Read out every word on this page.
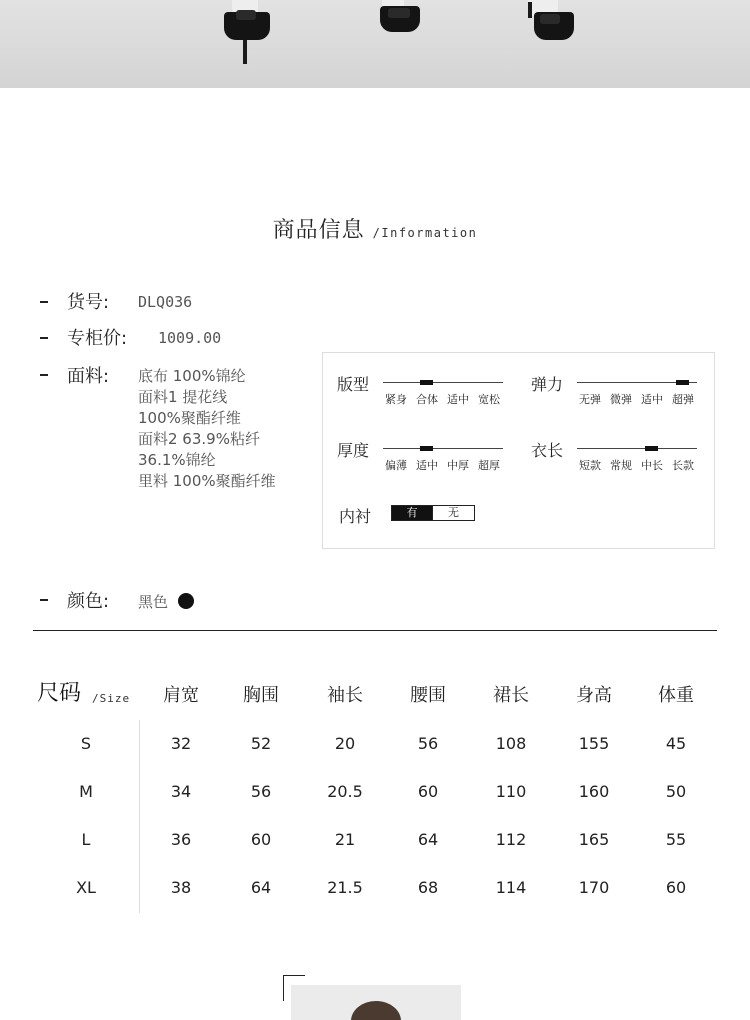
商品信息 /Information
货号: DLQ036
专柜价: 1009.00
面料: 底布 100%锦纶
面料1 提花线
100%聚酯纤维
面料2 63.9%粘纤
36.1%锦纶
里料 100%聚酯纤维
版型
紧身 合体 适中 宽松
弹力
无弹 微弹 适中 超弹
厚度
偏薄 适中 中厚 超厚
衣长
短款 常规 中长 长款
内衬	有	无
颜色: 黑色
尺码 /Size	肩宽	胸围	袖长	腰围	裙长	身高	体重
S	32	52	20	56	108	155	45
M	34	56	20.5	60	110	160	50
L	36	60	21	64	112	165	55
XL	38	64	21.5	68	114	170	60
